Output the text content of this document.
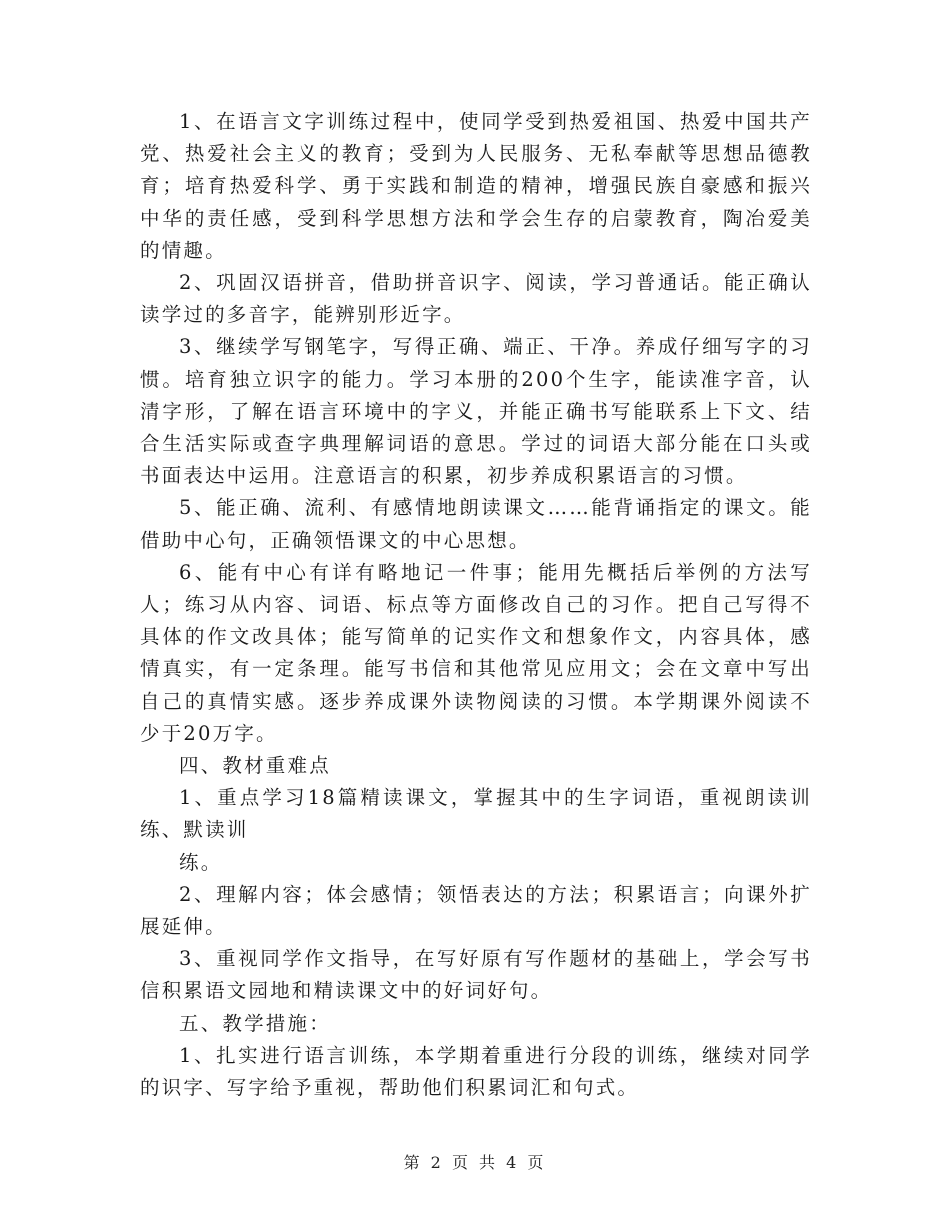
1、在语言文字训练过程中，使同学受到热爱祖国、热爱中国共产党、热爱社会主义的教育；受到为人民服务、无私奉献等思想品德教育；培育热爱科学、勇于实践和制造的精神，增强民族自豪感和振兴中华的责任感，受到科学思想方法和学会生存的启蒙教育，陶冶爱美的情趣。

2、巩固汉语拼音，借助拼音识字、阅读，学习普通话。能正确认读学过的多音字，能辨别形近字。

3、继续学写钢笔字，写得正确、端正、干净。养成仔细写字的习惯。培育独立识字的能力。学习本册的200个生字，能读准字音，认清字形，了解在语言环境中的字义，并能正确书写能联系上下文、结合生活实际或查字典理解词语的意思。学过的词语大部分能在口头或书面表达中运用。注意语言的积累，初步养成积累语言的习惯。

5、能正确、流利、有感情地朗读课文……能背诵指定的课文。能借助中心句，正确领悟课文的中心思想。

6、能有中心有详有略地记一件事；能用先概括后举例的方法写人；练习从内容、词语、标点等方面修改自己的习作。把自己写得不具体的作文改具体；能写简单的记实作文和想象作文，内容具体，感情真实，有一定条理。能写书信和其他常见应用文；会在文章中写出自己的真情实感。逐步养成课外读物阅读的习惯。本学期课外阅读不少于20万字。

四、教材重难点

1、重点学习18篇精读课文，掌握其中的生字词语，重视朗读训练、默读训

练。

2、理解内容；体会感情；领悟表达的方法；积累语言；向课外扩展延伸。

3、重视同学作文指导，在写好原有写作题材的基础上，学会写书信积累语文园地和精读课文中的好词好句。

五、教学措施：

1、扎实进行语言训练，本学期着重进行分段的训练，继续对同学的识字、写字给予重视，帮助他们积累词汇和句式。

第 2 页 共 4 页
